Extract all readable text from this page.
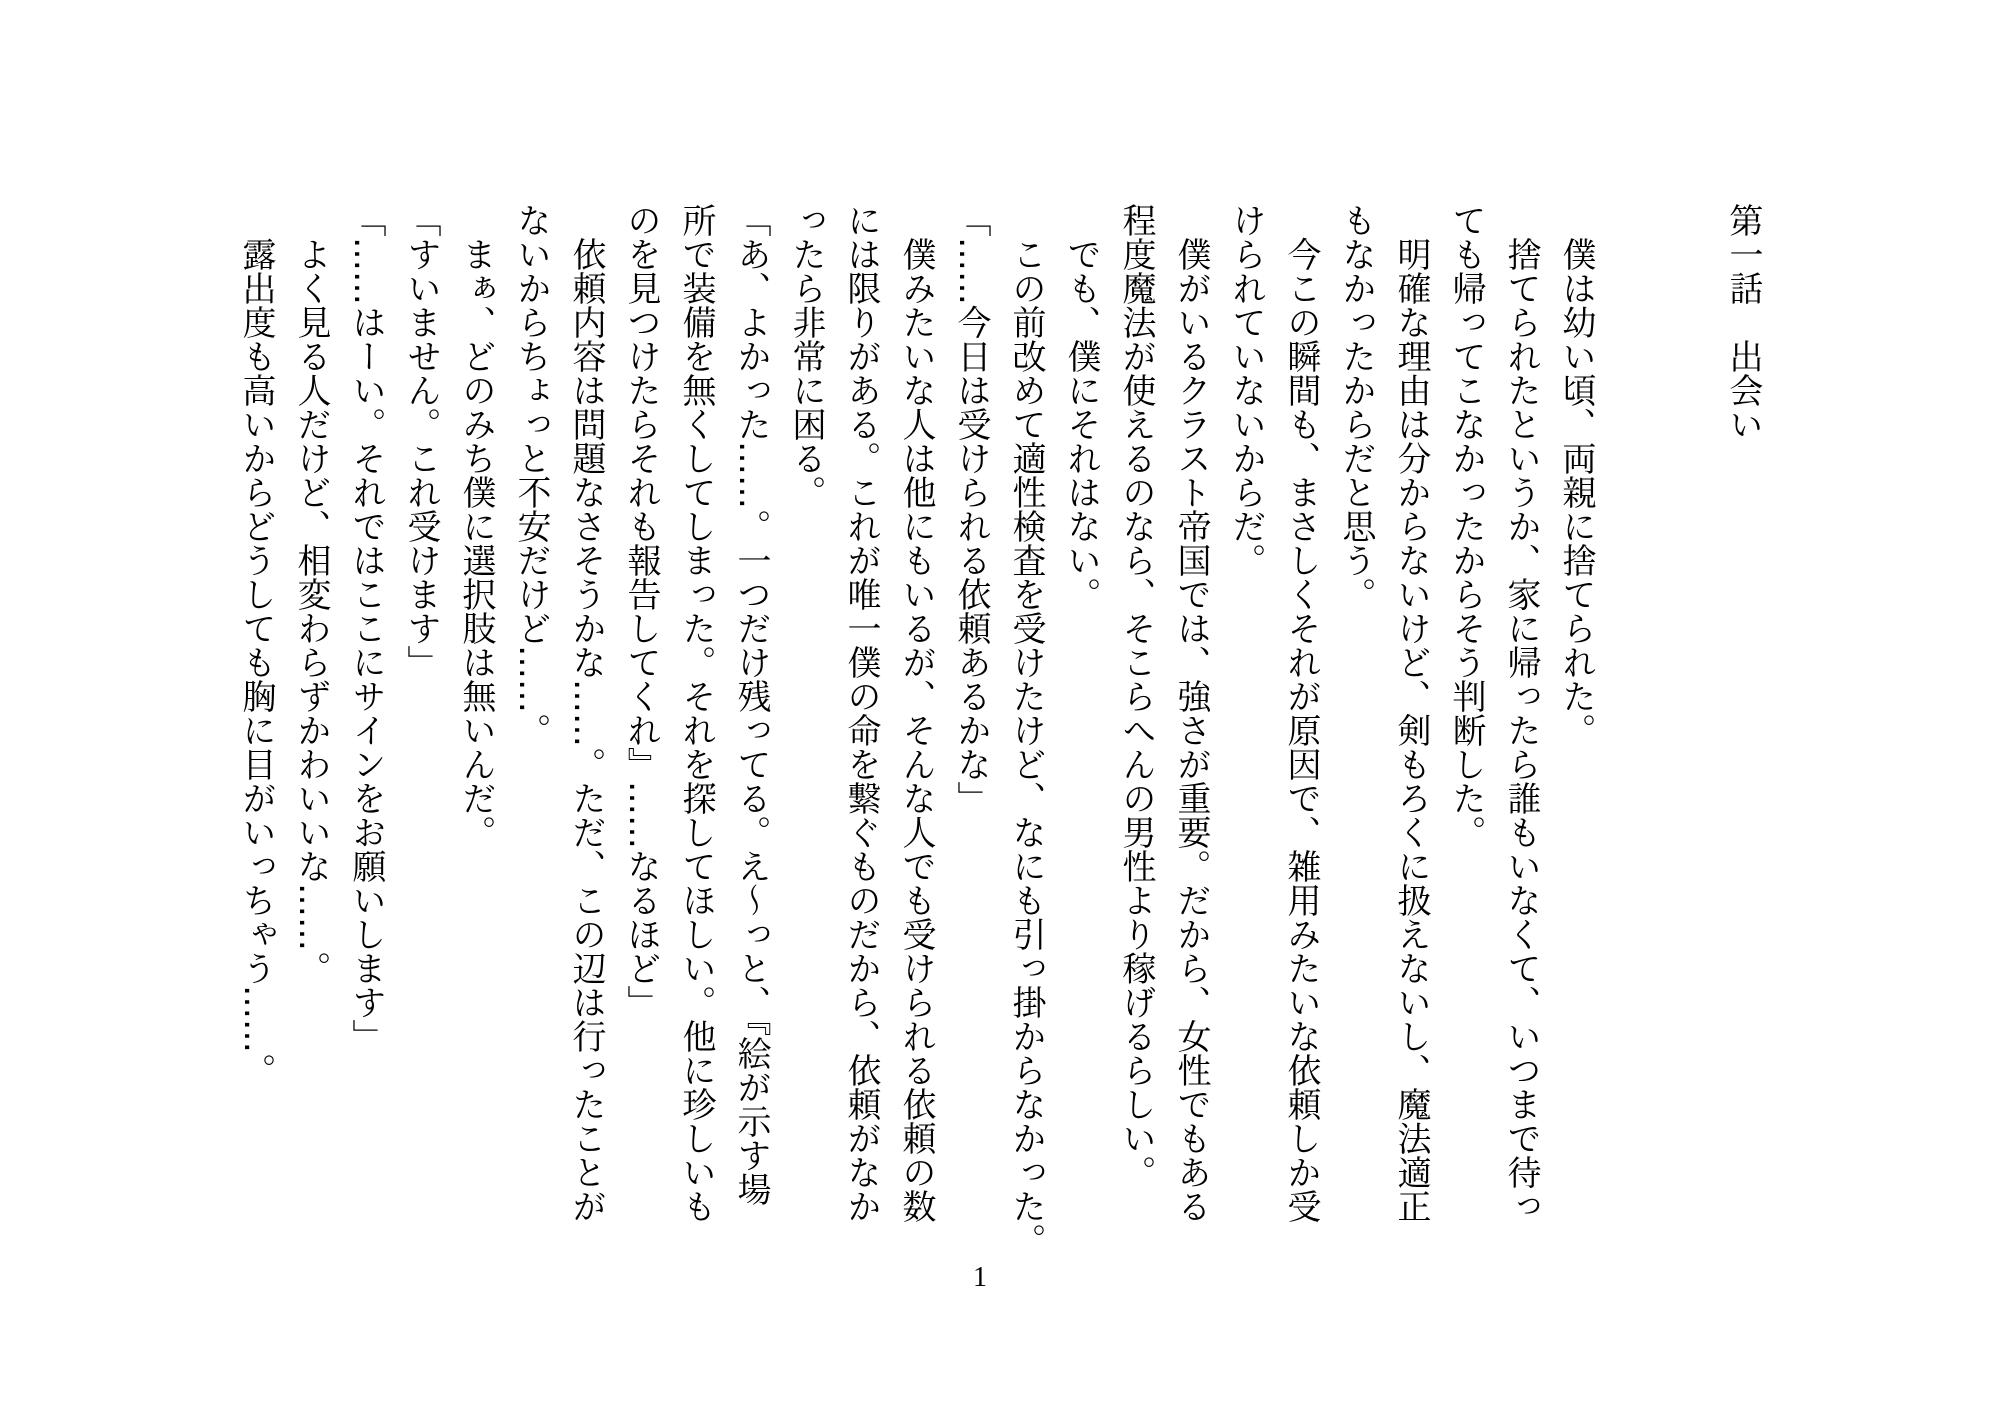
第一話　出会い
　僕は幼い頃、両親に捨てられた。
　捨てられたというか、家に帰ったら誰もいなくて、いつまで待っ
ても帰ってこなかったからそう判断した。
　明確な理由は分からないけど、剣もろくに扱えないし、魔法適正
もなかったからだと思う。
　今この瞬間も、まさしくそれが原因で、雑用みたいな依頼しか受
けられていないからだ。
　僕がいるクラスト帝国では、強さが重要。だから、女性でもある
程度魔法が使えるのなら、そこらへんの男性より稼げるらしい。
　でも、僕にそれはない。
　この前改めて適性検査を受けたけど、なにも引っ掛からなかった。
「……今日は受けられる依頼あるかな」
　僕みたいな人は他にもいるが、そんな人でも受けられる依頼の数
には限りがある。これが唯一僕の命を繋ぐものだから、依頼がなか
ったら非常に困る。
「あ、よかった……。一つだけ残ってる。え～っと、『絵が示す場
所で装備を無くしてしまった。それを探してほしい。他に珍しいも
のを見つけたらそれも報告してくれ』……なるほど」
　依頼内容は問題なさそうかな……。ただ、この辺は行ったことが
ないからちょっと不安だけど……。
　まぁ、どのみち僕に選択肢は無いんだ。
「すいません。これ受けます」
「……はーい。それではここにサインをお願いします」
　よく見る人だけど、相変わらずかわいいな……。
　露出度も高いからどうしても胸に目がいっちゃう……。
1
